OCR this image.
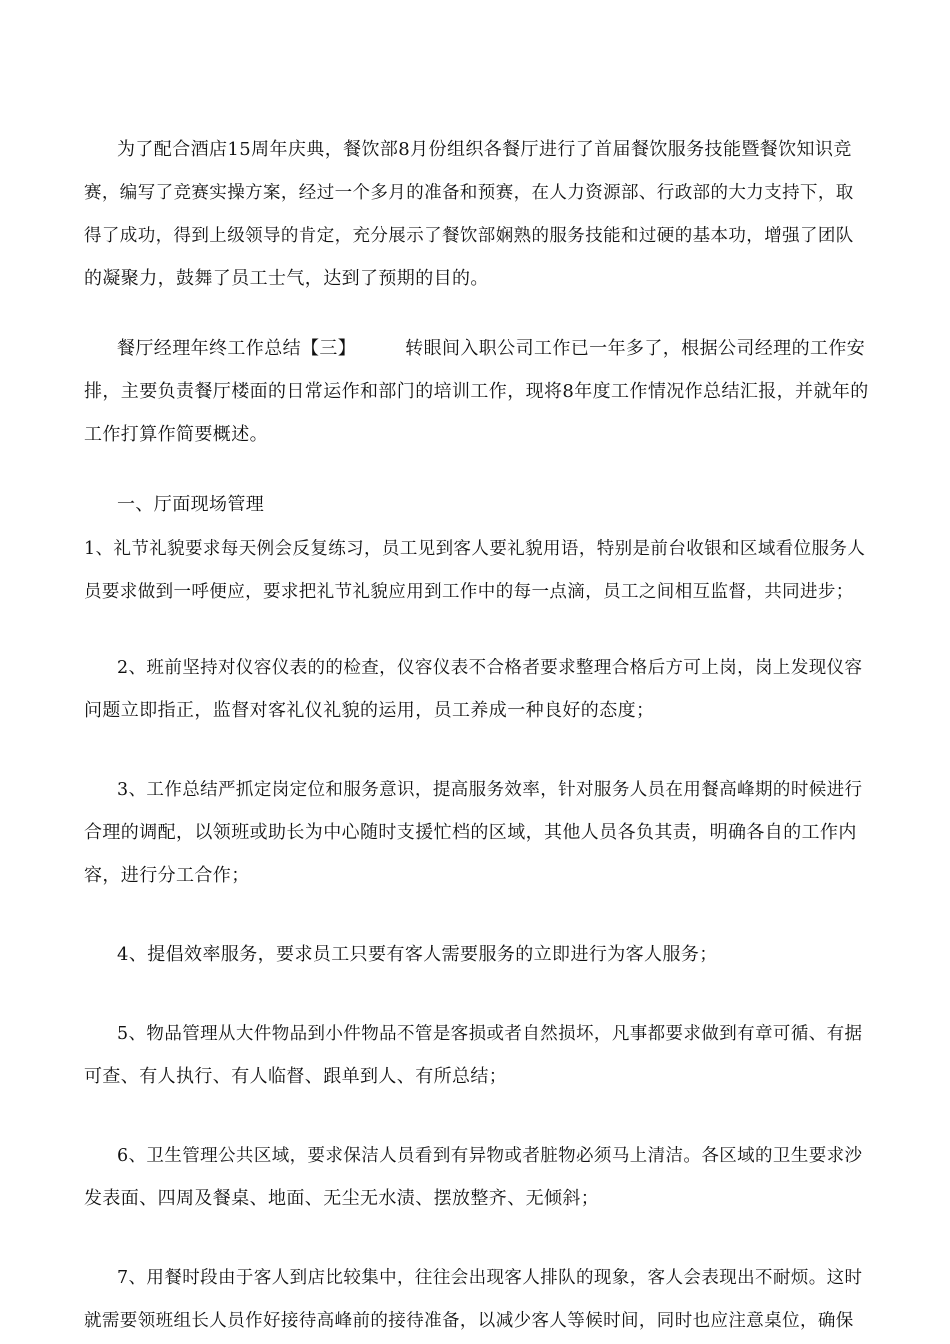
为了配合酒店15周年庆典，餐饮部8月份组织各餐厅进行了首届餐饮服务技能暨餐饮知识竞
赛，编写了竞赛实操方案，经过一个多月的准备和预赛，在人力资源部、行政部的大力支持下，取
得了成功，得到上级领导的肯定，充分展示了餐饮部娴熟的服务技能和过硬的基本功，增强了团队
的凝聚力，鼓舞了员工士气，达到了预期的目的。
餐厅经理年终工作总结【三】        转眼间入职公司工作已一年多了，根据公司经理的工作安
排，主要负责餐厅楼面的日常运作和部门的培训工作，现将8年度工作情况作总结汇报，并就年的
工作打算作简要概述。
一、厅面现场管理
1、礼节礼貌要求每天例会反复练习，员工见到客人要礼貌用语，特别是前台收银和区域看位服务人
员要求做到一呼便应，要求把礼节礼貌应用到工作中的每一点滴，员工之间相互监督，共同进步；
2、班前坚持对仪容仪表的的检查，仪容仪表不合格者要求整理合格后方可上岗，岗上发现仪容
问题立即指正，监督对客礼仪礼貌的运用，员工养成一种良好的态度；
3、工作总结严抓定岗定位和服务意识，提高服务效率，针对服务人员在用餐高峰期的时候进行
合理的调配，以领班或助长为中心随时支援忙档的区域，其他人员各负其责，明确各自的工作内
容，进行分工合作；
4、提倡效率服务，要求员工只要有客人需要服务的立即进行为客人服务；
5、物品管理从大件物品到小件物品不管是客损或者自然损坏，凡事都要求做到有章可循、有据
可查、有人执行、有人临督、跟单到人、有所总结；
6、卫生管理公共区域，要求保洁人员看到有异物或者脏物必须马上清洁。各区域的卫生要求沙
发表面、四周及餐桌、地面、无尘无水渍、摆放整齐、无倾斜；
7、用餐时段由于客人到店比较集中，往往会出现客人排队的现象，客人会表现出不耐烦。这时
就需要领班组长人员作好接待高峰前的接待准备，以减少客人等候时间，同时也应注意桌位，确保
